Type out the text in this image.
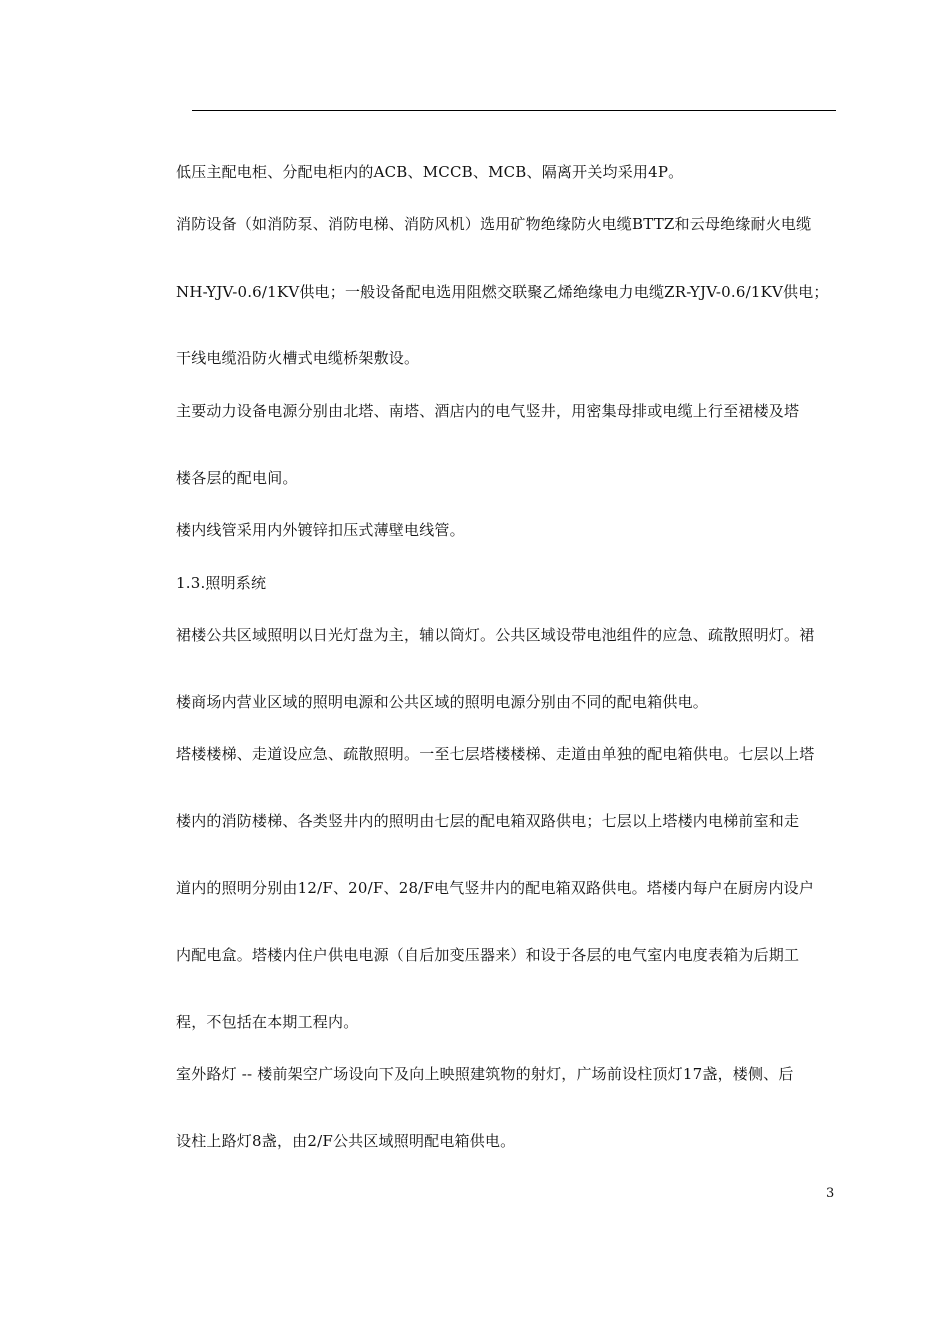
低压主配电柜、分配电柜内的ACB、MCCB、MCB、隔离开关均采用4P。
消防设备（如消防泵、消防电梯、消防风机）选用矿物绝缘防火电缆BTTZ和云母绝缘耐火电缆
NH-YJV-0.6/1KV供电；一般设备配电选用阻燃交联聚乙烯绝缘电力电缆ZR-YJV-0.6/1KV供电；
干线电缆沿防火槽式电缆桥架敷设。
主要动力设备电源分别由北塔、南塔、酒店内的电气竖井，用密集母排或电缆上行至裙楼及塔
楼各层的配电间。
楼内线管采用内外镀锌扣压式薄壁电线管。
1.3.照明系统
裙楼公共区域照明以日光灯盘为主，辅以筒灯。公共区域设带电池组件的应急、疏散照明灯。裙
楼商场内营业区域的照明电源和公共区域的照明电源分别由不同的配电箱供电。
塔楼楼梯、走道设应急、疏散照明。一至七层塔楼楼梯、走道由单独的配电箱供电。七层以上塔
楼内的消防楼梯、各类竖井内的照明由七层的配电箱双路供电；七层以上塔楼内电梯前室和走
道内的照明分别由12/F、20/F、28/F电气竖井内的配电箱双路供电。塔楼内每户在厨房内设户
内配电盒。塔楼内住户供电电源（自后加变压器来）和设于各层的电气室内电度表箱为后期工
程，不包括在本期工程内。
室外路灯 -- 楼前架空广场设向下及向上映照建筑物的射灯，广场前设柱顶灯17盏，楼侧、后
设柱上路灯8盏，由2/F公共区域照明配电箱供电。
3
